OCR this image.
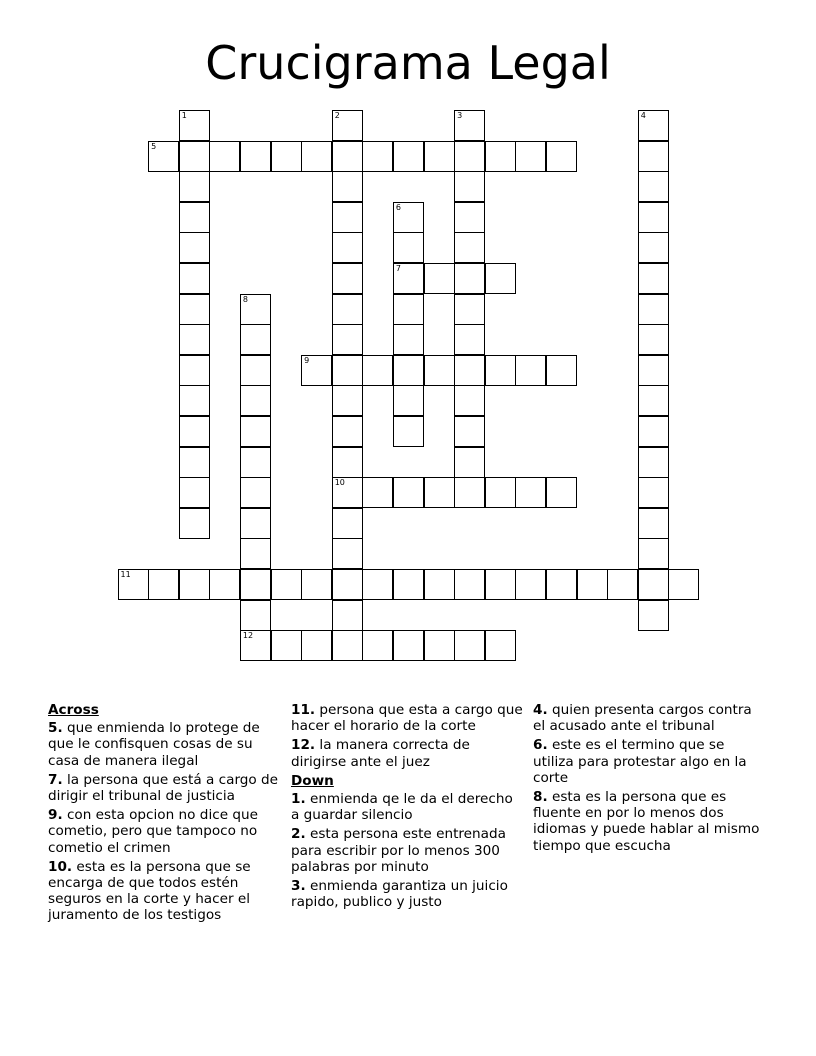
Crucigrama Legal
1	2
10
3	4
5
6
7
8
12
9
11
Across
5. que enmienda lo protege de que le confisquen cosas de su casa de manera ilegal
7. la persona que está a cargo de dirigir el tribunal de justicia
9. con esta opcion no dice que cometio, pero que tampoco no cometio el crimen
10. esta es la persona que se encarga de que todos estén seguros en la corte y hacer el juramento de los testigos
11. persona que esta a cargo que hacer el horario de la corte
12. la manera correcta de dirigirse ante el juez
Down
1. enmienda qe le da el derecho a guardar silencio
2. esta persona este entrenada para escribir por lo menos 300 palabras por minuto
3. enmienda garantiza un juicio rapido, publico y justo
4. quien presenta cargos contra el acusado ante el tribunal
6. este es el termino que se utiliza para protestar algo en la corte
8. esta es la persona que es fluente en por lo menos dos idiomas y puede hablar al mismo tiempo que escucha
